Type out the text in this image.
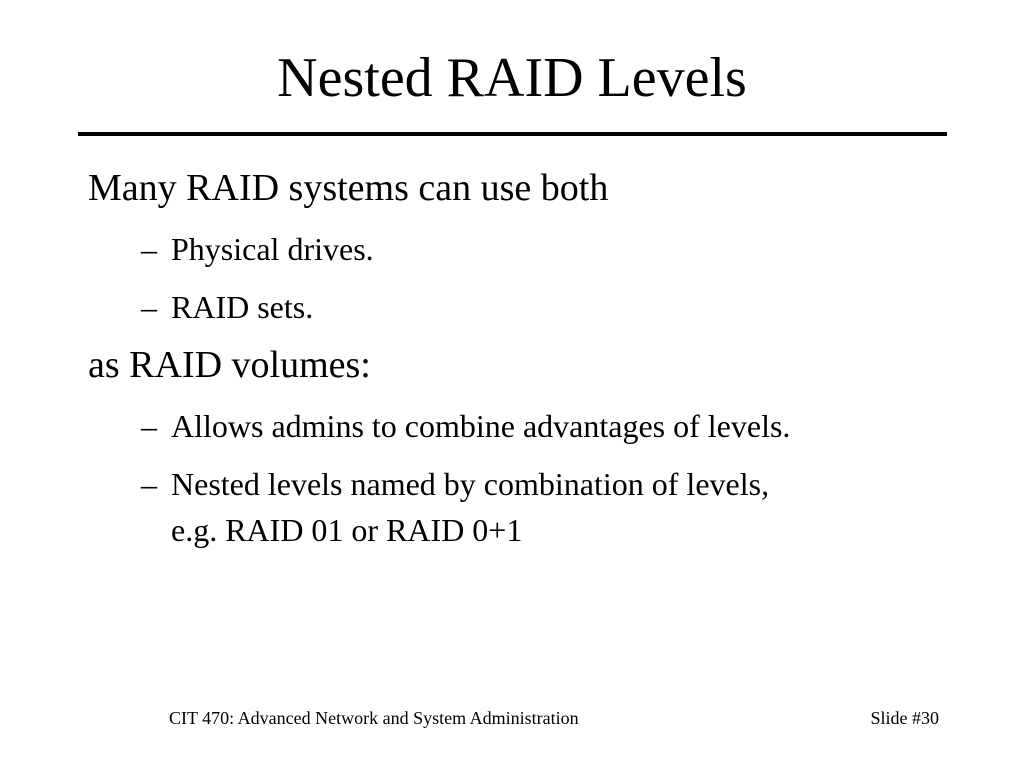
Nested RAID Levels

Many RAID systems can use both

– Physical drives.

– RAID sets.

as RAID volumes:

– Allows admins to combine advantages of levels.

– Nested levels named by combination of levels,
e.g. RAID 01 or RAID 0+1

CIT 470: Advanced Network and System Administration	Slide #30
